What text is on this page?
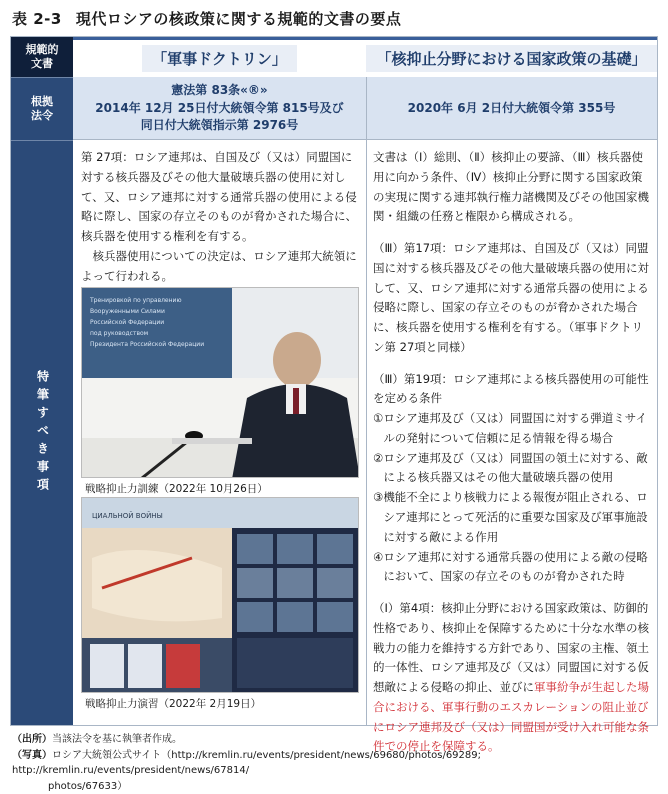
表 2-3 現代ロシアの核政策に関する規範的文書の要点
規範的
文書	「軍事ドクトリン」	「核抑止分野における国家政策の基礎」
根拠
法令
憲法第 83条«®»
2014年 12月 25日付大統領令第 815号及び
同日付大統領指示第 2976号
2020年 6月 2日付大統領令第 355号
特筆すべき事項

第 27項：ロシア連邦は、自国及び（又は）同盟国に対する核兵器及びその他大量破壊兵器の使用に対して、又、ロシア連邦に対する通常兵器の使用による侵略に際し、国家の存立そのものが脅かされた場合に、核兵器を使用する権利を有する。

核兵器使用についての決定は、ロシア連邦大統領によって行われる。

Тренировкой по управлению Вооруженными Силами Российской Федерации под руководством Президента Российской Федерации
戦略抑止力訓練（2022年 10月26日）
ЦИАЛЬНОЙ ВОЙНЫ
戦略抑止力演習（2022年 2月19日）

文書は（Ⅰ）総則、（Ⅱ）核抑止の要諦、（Ⅲ）核兵器使用に向かう条件、（Ⅳ）核抑止分野に関する国家政策の実現に関する連邦執行権力諸機関及びその他国家機関・組織の任務と権限から構成される。

（Ⅲ）第17項：ロシア連邦は、自国及び（又は）同盟国に対する核兵器及びその他大量破壊兵器の使用に対して、又、ロシア連邦に対する通常兵器の使用による侵略に際し、国家の存立そのものが脅かされた場合に、核兵器を使用する権利を有する。（軍事ドクトリン第 27項と同様）

（Ⅲ）第19項：ロシア連邦による核兵器使用の可能性を定める条件

① ロシア連邦及び（又は）同盟国に対する弾道ミサイルの発射について信頼に足る情報を得る場合
② ロシア連邦及び（又は）同盟国の領土に対する、敵による核兵器又はその他大量破壊兵器の使用
③ 機能不全により核戦力による報復が阻止される、ロシア連邦にとって死活的に重要な国家及び軍事施設に対する敵による作用
④ ロシア連邦に対する通常兵器の使用による敵の侵略において、国家の存立そのものが脅かされた時

（Ⅰ）第4項：核抑止分野における国家政策は、防御的性格であり、核抑止を保障するために十分な水準の核戦力の能力を維持する方針であり、国家の主権、領土的一体性、ロシア連邦及び（又は）同盟国に対する仮想敵による侵略の抑止、並びに軍事紛争が生起した場合における、軍事行動のエスカレーションの阻止並びにロシア連邦及び（又は）同盟国が受け入れ可能な条件での停止を保障する。

（出所）当該法令を基に執筆者作成。
（写真）ロシア大統領公式サイト（http://kremlin.ru/events/president/news/69680/photos/69289; http://kremlin.ru/events/president/news/67814/
photos/67633）
